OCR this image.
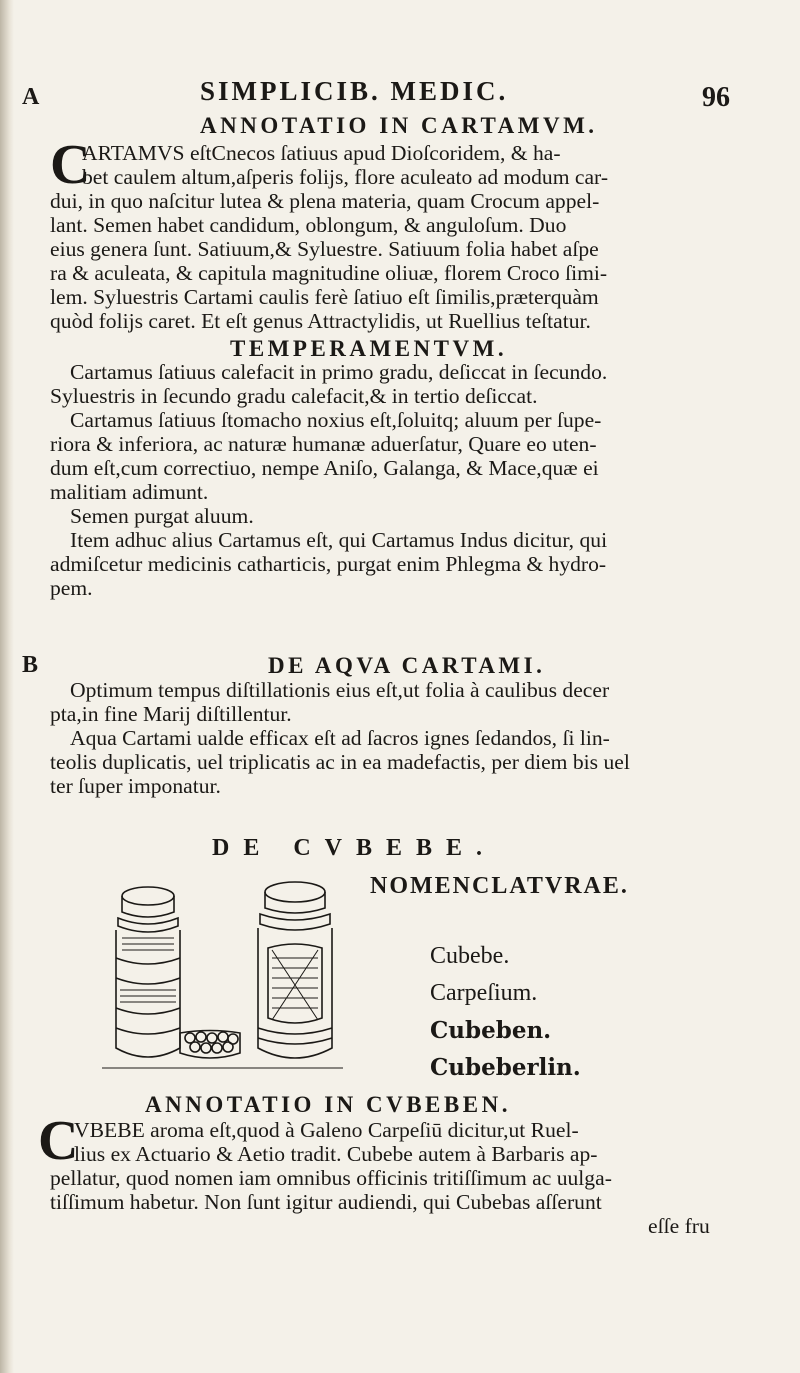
A
B
SIMPLICIB. MEDIC.	96
ANNOTATIO IN CARTAMVM.
C
ARTAMVS eſtCnecos ſatiuus apud Dioſcoridem, & ha-
bet caulem altum,aſperis folijs, flore aculeato ad modum car-
dui, in quo naſcitur lutea & plena materia, quam Crocum appel-
lant. Semen habet candidum, oblongum, & anguloſum. Duo
eius genera ſunt. Satiuum,& Syluestre. Satiuum folia habet aſpe
ra & aculeata, & capitula magnitudine oliuæ, florem Croco ſimi-
lem. Syluestris Cartami caulis ferè ſatiuo eſt ſimilis,præterquàm
quòd folijs caret. Et eſt genus Attractylidis, ut Ruellius teſtatur.
TEMPERAMENTVM.
Cartamus ſatiuus calefacit in primo gradu, deſiccat in ſecundo.
Syluestris in ſecundo gradu calefacit,& in tertio deſiccat.
Cartamus ſatiuus ſtomacho noxius eſt,ſoluitq; aluum per ſupe-
riora & inferiora, ac naturæ humanæ aduerſatur, Quare eo uten-
dum eſt,cum correctiuo, nempe Aniſo, Galanga, & Mace,quæ ei
malitiam adimunt.
Semen purgat aluum.
Item adhuc alius Cartamus eſt, qui Cartamus Indus dicitur, qui
admiſcetur medicinis catharticis, purgat enim Phlegma & hydro-
pem.
DE AQVA CARTAMI.
Optimum tempus diſtillationis eius eſt,ut folia à caulibus decer
pta,in fine Marij diſtillentur.
Aqua Cartami ualde efficax eſt ad ſacros ignes ſedandos, ſi lin-
teolis duplicatis, uel triplicatis ac in ea madefactis, per diem bis uel
ter ſuper imponatur.
DE CVBEBE.
NOMENCLATVRAE.
Cubebe.
Carpeſium.
Cubeben.
Cubeberlin.
ANNOTATIO IN CVBEBEN.
C
VBEBE aroma eſt,quod à Galeno Carpeſiū dicitur,ut Ruel-
lius ex Actuario & Aetio tradit. Cubebe autem à Barbaris ap-
pellatur, quod nomen iam omnibus officinis tritiſſimum ac uulga-
tiſſimum habetur. Non ſunt igitur audiendi, qui Cubebas aſſerunt
eſſe fru
